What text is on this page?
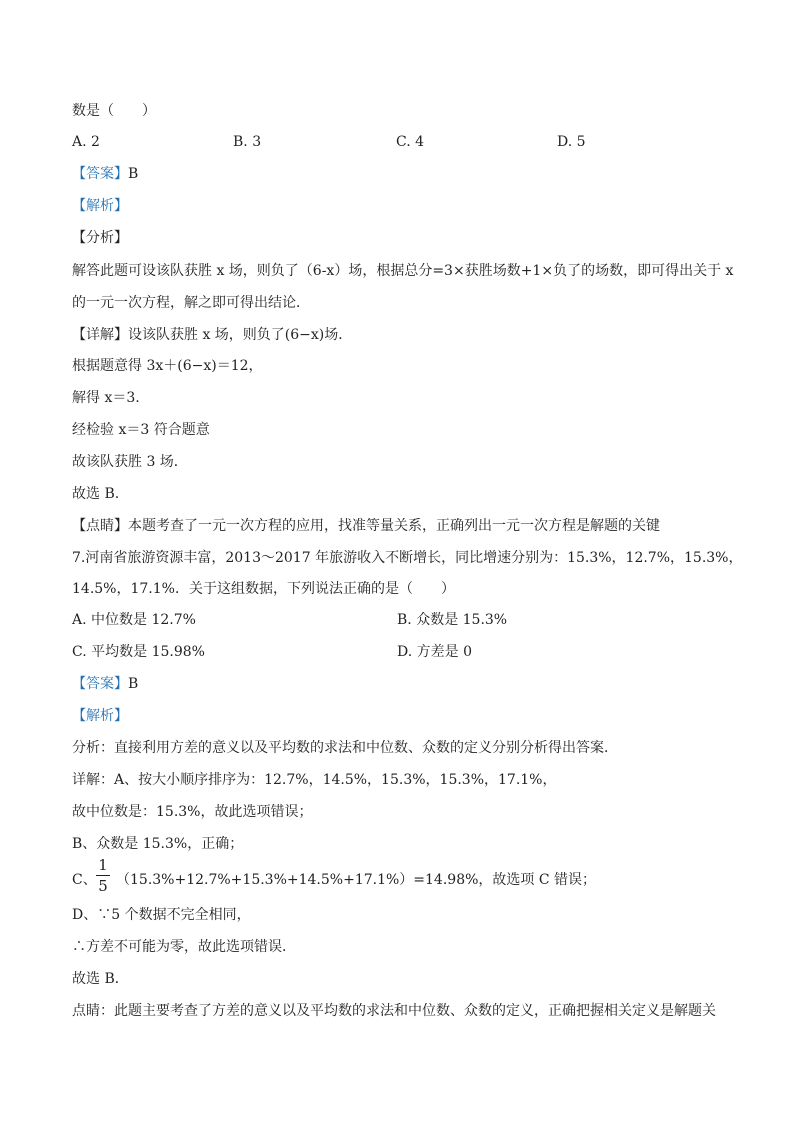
数是（　　）
A. 2	B. 3	C. 4	D. 5
【答案】B
【解析】
【分析】
解答此题可设该队获胜 x 场，则负了（6-x）场，根据总分=3×获胜场数+1×负了的场数，即可得出关于 x
的一元一次方程，解之即可得出结论．
【详解】设该队获胜 x 场，则负了(6−x)场．
根据题意得 3x＋(6−x)＝12，
解得 x＝3.
经检验 x＝3 符合题意
故该队获胜 3 场．
故选 B.
【点睛】本题考查了一元一次方程的应用，找准等量关系，正确列出一元一次方程是解题的关键
7.河南省旅游资源丰富，2013～2017 年旅游收入不断增长，同比增速分别为：15.3%，12.7%，15.3%，
14.5%，17.1%．关于这组数据，下列说法正确的是（　　）
A. 中位数是 12.7%	B. 众数是 15.3%
C. 平均数是 15.98%	D. 方差是 0
【答案】B
【解析】
分析：直接利用方差的意义以及平均数的求法和中位数、众数的定义分别分析得出答案．
详解：A、按大小顺序排序为：12.7%，14.5%，15.3%，15.3%，17.1%，
故中位数是：15.3%，故此选项错误；
B、众数是 15.3%，正确；
C、
1
5 （15.3%+12.7%+15.3%+14.5%+17.1%）=14.98%，故选项 C 错误；
D、∵5 个数据不完全相同，
∴方差不可能为零，故此选项错误．
故选 B．
点睛：此题主要考查了方差的意义以及平均数的求法和中位数、众数的定义，正确把握相关定义是解题关
